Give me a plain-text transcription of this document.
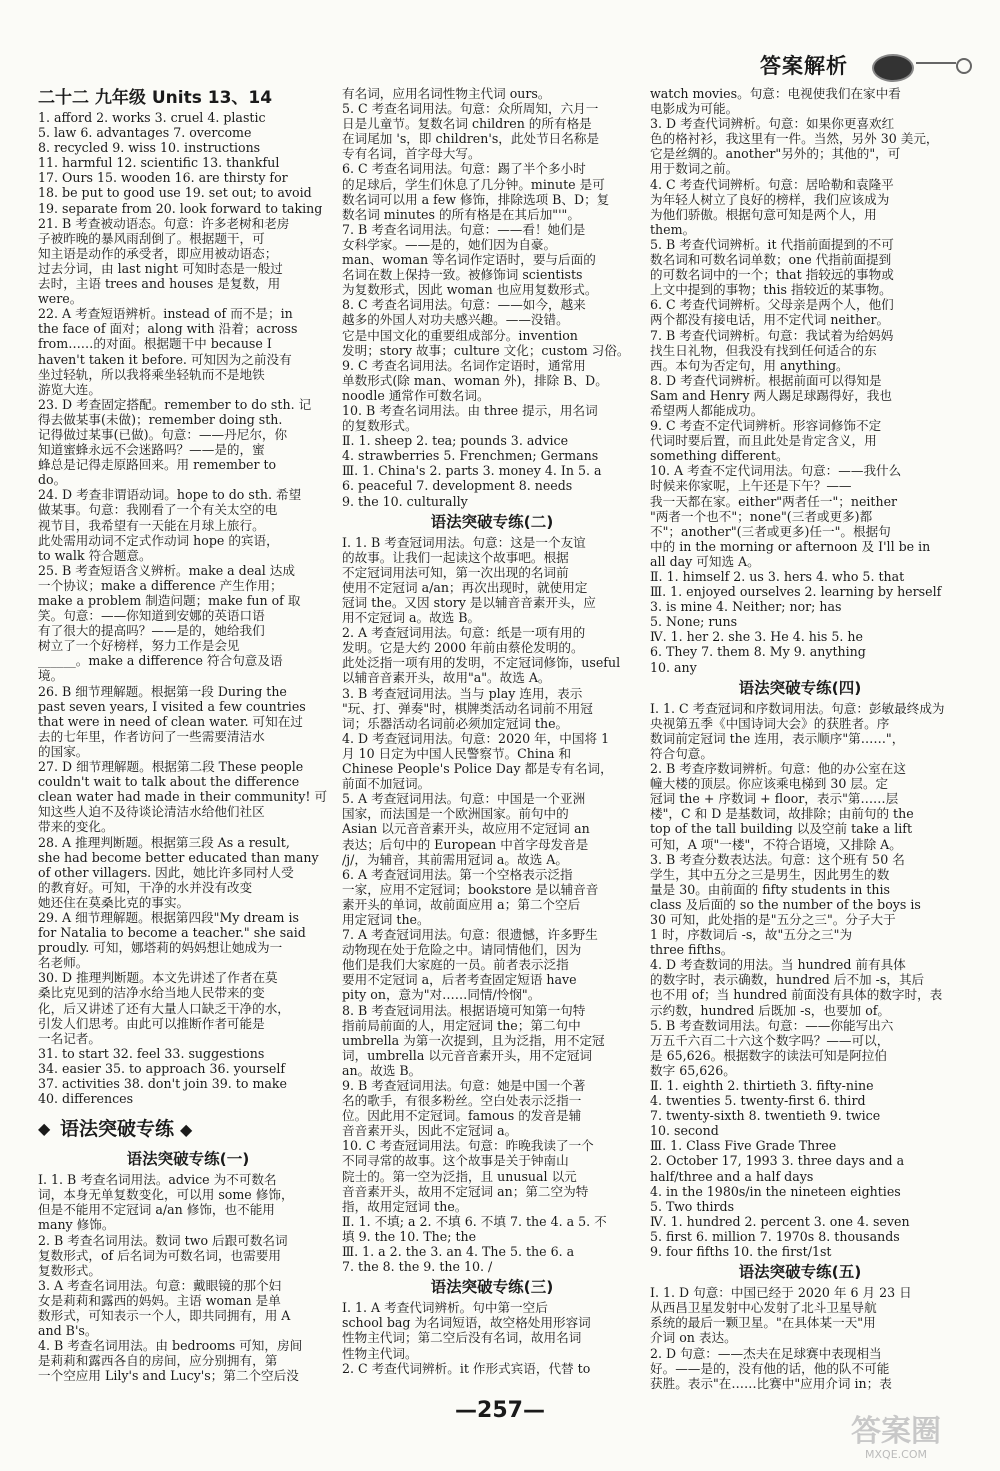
答案解析
二十二 九年级 Units 13、14
1. afford 2. works 3. cruel 4. plastic
5. law 6. advantages 7. overcome
8. recycled 9. wiss 10. instructions
11. harmful 12. scientific 13. thankful
17. Ours 15. wooden 16. are thirsty for
18. be put to good use 19. set out; to avoid
19. separate from 20. look forward to taking
21. B 考查被动语态。句意：许多老树和老房
子被昨晚的暴风雨刮倒了。根据题干，可
知主语是动作的承受者，即应用被动语态；
过去分词，由 last night 可知时态是一般过
去时，主语 trees and houses 是复数，用
were。
22. A 考查短语辨析。instead of 而不是；in
the face of 面对；along with 沿着；across
from……的对面。根据题干中 because I
haven't taken it before. 可知因为之前没有
坐过轻轨，所以我将乘坐轻轨而不是地铁
游览大连。
23. D 考查固定搭配。remember to do sth. 记
得去做某事(未做)；remember doing sth.
记得做过某事(已做)。句意：——丹尼尔，你
知道蜜蜂永远不会迷路吗？——是的，蜜
蜂总是记得走原路回来。用 remember to
do。
24. D 考查非谓语动词。hope to do sth. 希望
做某事。句意：我刚看了一个有关太空的电
视节目，我希望有一天能在月球上旅行。
此处需用动词不定式作动词 hope 的宾语，
to walk 符合题意。
25. B 考查短语含义辨析。make a deal 达成
一个协议；make a difference 产生作用；
make a problem 制造问题；make fun of 取
笑。句意：——你知道到安娜的英语口语
有了很大的提高吗？——是的，她给我们
树立了一个好榜样，努力工作是会见
______。make a difference 符合句意及语
境。
26. B 细节理解题。根据第一段 During the
past seven years, I visited a few countries
that were in need of clean water. 可知在过
去的七年里，作者访问了一些需要清洁水
的国家。
27. D 细节理解题。根据第二段 These people
couldn't wait to talk about the difference
clean water had made in their community! 可
知这些人迫不及待谈论清洁水给他们社区
带来的变化。
28. A 推理判断题。根据第三段 As a result,
she had become better educated than many
of other villagers. 因此，她比许多同村人受
的教育好。可知，干净的水并没有改变
她还住在莫桑比克的事实。
29. A 细节理解题。根据第四段"My dream is
for Natalia to become a teacher." she said
proudly. 可知，娜塔莉的妈妈想让她成为一
名老师。
30. D 推理判断题。本文先讲述了作者在莫
桑比克见到的洁净水给当地人民带来的变
化，后又讲述了还有大量人口缺乏干净的水，
引发人们思考。由此可以推断作者可能是
一名记者。
31. to start 32. feel 33. suggestions
34. easier 35. to approach 36. yourself
37. activities 38. don't join 39. to make
40. differences
◆ 语法突破专练 ◆
语法突破专练(一)
Ⅰ. 1. B 考查名词用法。advice 为不可数名
词，本身无单复数变化，可以用 some 修饰，
但是不能用不定冠词 a/an 修饰，也不能用
many 修饰。
2. B 考查名词用法。数词 two 后跟可数名词
复数形式，of 后名词为可数名词，也需要用
复数形式。
3. A 考查名词用法。句意：戴眼镜的那个妇
女是莉莉和露西的妈妈。主语 woman 是单
数形式，可知表示一个人，即共同拥有，用 A
and B's。
4. B 考查名词用法。由 bedrooms 可知，房间
是莉莉和露西各自的房间，应分别拥有，第
一个空应用 Lily's and Lucy's；第二个空后没
有名词，应用名词性物主代词 ours。
5. C 考查名词用法。句意：众所周知，六月一
日是儿童节。复数名词 children 的所有格是
在词尾加 's，即 children's，此处节日名称是
专有名词，首字母大写。
6. C 考查名词用法。句意：踢了半个多小时
的足球后，学生们休息了几分钟。minute 是可
数名词可以用 a few 修饰，排除选项 B、D；复
数名词 minutes 的所有格是在其后加"'"。
7. B 考查名词用法。句意：——看！她们是
女科学家。——是的，她们因为自豪。
man、woman 等名词作定语时，要与后面的
名词在数上保持一致。被修饰词 scientists
为复数形式，因此 woman 也应用复数形式。
8. C 考查名词用法。句意：——如今，越来
越多的外国人对功夫感兴趣。——没错。
它是中国文化的重要组成部分。invention
发明；story 故事；culture 文化；custom 习俗。
9. C 考查名词用法。名词作定语时，通常用
单数形式(除 man、woman 外)，排除 B、D。
noodle 通常作可数名词。
10. B 考查名词用法。由 three 提示，用名词
的复数形式。
Ⅱ. 1. sheep 2. tea; pounds 3. advice
4. strawberries 5. Frenchmen; Germans
Ⅲ. 1. China's 2. parts 3. money 4. In 5. a
6. peaceful 7. development 8. needs
9. the 10. culturally
语法突破专练(二)
Ⅰ. 1. B 考查冠词用法。句意：这是一个友谊
的故事。让我们一起读这个故事吧。根据
不定冠词用法可知，第一次出现的名词前
使用不定冠词 a/an；再次出现时，就使用定
冠词 the。又因 story 是以辅音音素开头，应
用不定冠词 a。故选 B。
2. A 考查冠词用法。句意：纸是一项有用的
发明。它是大约 2000 年前由蔡伦发明的。
此处泛指一项有用的发明，不定冠词修饰，useful
以辅音音素开头，故用"a"。故选 A。
3. B 考查冠词用法。当与 play 连用，表示
"玩、打、弹奏"时，棋牌类活动名词前不用冠
词；乐器活动名词前必须加定冠词 the。
4. D 考查冠词用法。句意：2020 年，中国将 1
月 10 日定为中国人民警察节。China 和
Chinese People's Police Day 都是专有名词，
前面不加冠词。
5. A 考查冠词用法。句意：中国是一个亚洲
国家，而法国是一个欧洲国家。前句中的
Asian 以元音音素开头，故应用不定冠词 an
表达；后句中的 European 中首字母发音是
/j/，为辅音，其前需用冠词 a。故选 A。
6. A 考查冠词用法。第一个空格表示泛指
一家，应用不定冠词；bookstore 是以辅音音
素开头的单词，故前面应用 a；第二个空后
用定冠词 the。
7. A 考查冠词用法。句意：很遗憾，许多野生
动物现在处于危险之中。请同情他们，因为
他们是我们大家庭的一员。前者表示泛指
要用不定冠词 a，后者考查固定短语 have
pity on，意为"对……同情/怜悯"。
8. B 考查冠词用法。根据语境可知第一句特
指前局前面的人，用定冠词 the；第二句中
umbrella 为第一次提到，且为泛指，用不定冠
词，umbrella 以元音音素开头，用不定冠词
an。故选 B。
9. B 考查冠词用法。句意：她是中国一个著
名的歌手，有很多粉丝。空白处表示泛指一
位。因此用不定冠词。famous 的发音是辅
音音素开头，因此不定冠词 a。
10. C 考查冠词用法。句意：昨晚我读了一个
不同寻常的故事。这个故事是关于钟南山
院士的。第一空为泛指，且 unusual 以元
音音素开头，故用不定冠词 an；第二空为特
指，故用定冠词 the。
Ⅱ. 1. 不填; a 2. 不填 6. 不填 7. the 4. a 5. 不
填 9. the 10. The; the
Ⅲ. 1. a 2. the 3. an 4. The 5. the 6. a
7. the 8. the 9. the 10. /
语法突破专练(三)
Ⅰ. 1. A 考查代词辨析。句中第一空后
school bag 为名词短语，故空格处用形容词
性物主代词；第二空后没有名词，故用名词
性物主代词。
2. C 考查代词辨析。it 作形式宾语，代替 to
watch movies。句意：电视使我们在家中看
电影成为可能。
3. D 考查代词辨析。句意：如果你更喜欢红
色的格衬衫，我这里有一件。当然，另外 30 美元，
它是丝绸的。another"另外的；其他的"，可
用于数词之前。
4. C 考查代词辨析。句意：居哈勒和袁隆平
为年轻人树立了良好的榜样，我们应该成为
为他们骄傲。根据句意可知是两个人，用
them。
5. B 考查代词辨析。it 代指前面提到的不可
数名词和可数名词单数；one 代指前面提到
的可数名词中的一个；that 指较远的事物或
上文中提到的事物；this 指较近的某事物。
6. C 考查代词辨析。父母亲是两个人，他们
两个都没有接电话，用不定代词 neither。
7. B 考查代词辨析。句意：我试着为给妈妈
找生日礼物，但我没有找到任何适合的东
西。本句为否定句，用 anything。
8. D 考查代词辨析。根据前面可以得知是
Sam and Henry 两人踢足球踢得好，我也
希望两人都能成功。
9. C 考查不定代词辨析。形容词修饰不定
代词时要后置，而且此处是肯定含义，用
something different。
10. A 考查不定代词用法。句意：——我什么
时候来你家呢，上午还是下午？——
我一天都在家。either"两者任一"；neither
"两者一个也不"；none"(三者或更多)都
不"；another"(三者或更多)任一"。根据句
中的 in the morning or afternoon 及 I'll be in
all day 可知选 A。
Ⅱ. 1. himself 2. us 3. hers 4. who 5. that
Ⅲ. 1. enjoyed ourselves 2. learning by herself
3. is mine 4. Neither; nor; has
5. None; runs
Ⅳ. 1. her 2. she 3. He 4. his 5. he
6. They 7. them 8. My 9. anything
10. any
语法突破专练(四)
Ⅰ. 1. C 考查冠词和序数词用法。句意：彭敏最终成为
央视第五季《中国诗词大会》的获胜者。序
数词前定冠词 the 连用，表示顺序"第……"，
符合句意。
2. B 考查序数词辨析。句意：他的办公室在这
幢大楼的顶层。你应该乘电梯到 30 层。定
冠词 the + 序数词 + floor，表示"第……层
楼"，C 和 D 是基数词，故排除；由前句的 the
top of the tall building 以及空前 take a lift
可知，A 项"一楼"，不符合语境，又排除 A。
3. B 考查分数表达法。句意：这个班有 50 名
学生，其中五分之三是男生，因此男生的数
量是 30。由前面的 fifty students in this
class 及后面的 so the number of the boys is
30 可知，此处指的是"五分之三"。分子大于
1 时，序数词后 -s，故"五分之三"为
three fifths。
4. D 考查数词的用法。当 hundred 前有具体
的数字时，表示确数，hundred 后不加 -s，其后
也不用 of；当 hundred 前面没有具体的数字时，表
示约数，hundred 后既加 -s，也要加 of。
5. B 考查数词用法。句意：——你能写出六
万五千六百二十六这个数字吗？——可以，
是 65,626。根据数字的读法可知是阿拉伯
数字 65,626。
Ⅱ. 1. eighth 2. thirtieth 3. fifty-nine
4. twenties 5. twenty-first 6. third
7. twenty-sixth 8. twentieth 9. twice
10. second
Ⅲ. 1. Class Five Grade Three
2. October 17, 1993 3. three days and a
half/three and a half days
4. in the 1980s/in the nineteen eighties
5. Two thirds
Ⅳ. 1. hundred 2. percent 3. one 4. seven
5. first 6. million 7. 1970s 8. thousands
9. four fifths 10. the first/1st
语法突破专练(五)
Ⅰ. 1. D 句意：中国已经于 2020 年 6 月 23 日
从西昌卫星发射中心发射了北斗卫星导航
系统的最后一颗卫星。"在具体某一天"用
介词 on 表达。
2. D 句意：——杰夫在足球赛中表现相当
好。——是的，没有他的话，他的队不可能
获胜。表示"在……比赛中"应用介词 in；表
—257—
答案圈
MXQE.COM
